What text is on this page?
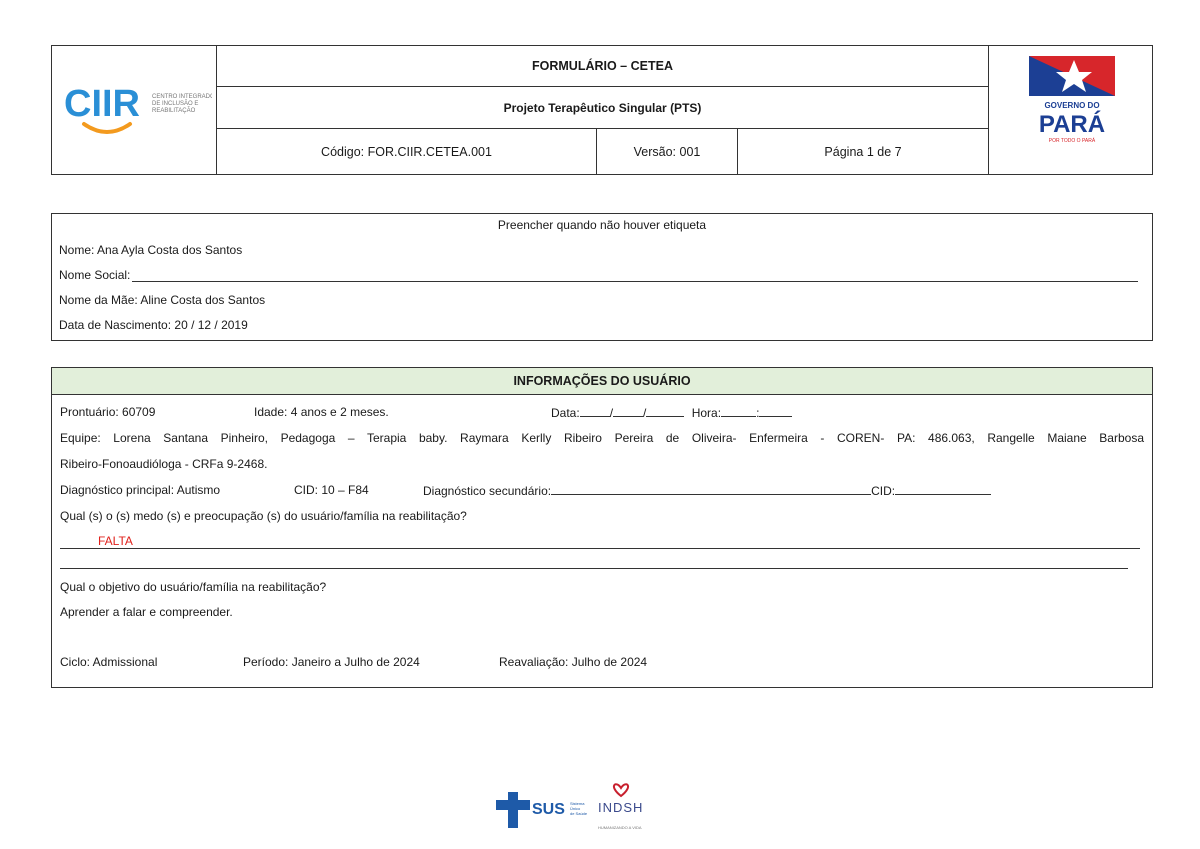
CIIR CENTRO INTEGRADO
DE INCLUSÃO E
REABILITAÇÃO
FORMULÁRIO – CETEA
Projeto Terapêutico Singular (PTS)
Código: FOR.CIIR.CETEA.001	Versão: 001	Página 1 de 7
GOVERNO DO
PARÁ
POR TODO O PARÁ
Preencher quando não houver etiqueta
Nome: Ana Ayla Costa dos Santos
Nome Social:
Nome da Mãe: Aline Costa dos Santos
Data de Nascimento: 20 / 12 / 2019
INFORMAÇÕES DO USUÁRIO
Prontuário: 60709	Idade: 4 anos e 2 meses.	Data:	/	/	Hora:	:
Equipe: Lorena Santana Pinheiro, Pedagoga – Terapia baby. Raymara Kerlly Ribeiro Pereira de Oliveira- Enfermeira - COREN- PA: 486.063, Rangelle Maiane Barbosa
Ribeiro-Fonoaudióloga - CRFa 9-2468.
Diagnóstico principal: Autismo	CID: 10 – F84	Diagnóstico secundário:	CID:
Qual (s) o (s) medo (s) e preocupação (s) do usuário/família na reabilitação?
FALTA
Qual o objetivo do usuário/família na reabilitação?
Aprender a falar e compreender.
Ciclo: Admissional	Período: Janeiro a Julho de 2024	Reavaliação: Julho de 2024
SUS Sistema
Único
de Saúde INDSH
HUMANIZANDO A VIDA
